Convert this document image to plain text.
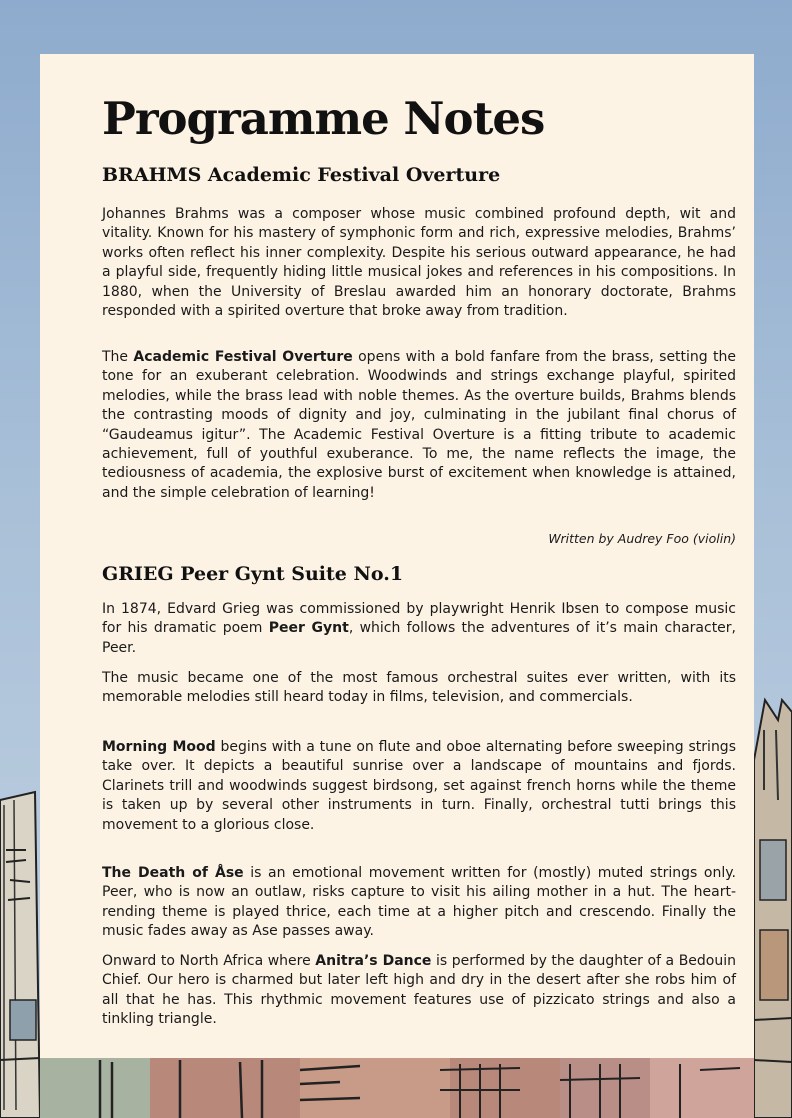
Programme Notes
BRAHMS Academic Festival Overture

Johannes Brahms was a composer whose music combined profound depth, wit and vitality. Known for his mastery of symphonic form and rich, expressive melodies, Brahms’ works often reflect his inner complexity. Despite his serious outward appearance, he had a playful side, frequently hiding little musical jokes and references in his compositions. In 1880, when the University of Breslau awarded him an honorary doctorate, Brahms responded with a spirited overture that broke away from tradition.

The Academic Festival Overture opens with a bold fanfare from the brass, setting the tone for an exuberant celebration. Woodwinds and strings exchange playful, spirited melodies, while the brass lead with noble themes. As the overture builds, Brahms blends the contrasting moods of dignity and joy, culminating in the jubilant final chorus of “Gaudeamus igitur”. The Academic Festival Overture is a fitting tribute to academic achievement, full of youthful exuberance. To me, the name reflects the image, the tediousness of academia, the explosive burst of excitement when knowledge is attained, and the simple celebration of learning!

Written by Audrey Foo (violin)

GRIEG Peer Gynt Suite No.1

In 1874, Edvard Grieg was commissioned by playwright Henrik Ibsen to compose music for his dramatic poem Peer Gynt, which follows the adventures of it’s main character, Peer.

The music became one of the most famous orchestral suites ever written, with its memorable melodies still heard today in films, television, and commercials.

Morning Mood begins with a tune on flute and oboe alternating before sweeping strings take over. It depicts a beautiful sunrise over a landscape of mountains and fjords. Clarinets trill and woodwinds suggest birdsong, set against french horns while the theme is taken up by several other instruments in turn. Finally, orchestral tutti brings this movement to a glorious close.

The Death of Åse is an emotional movement written for (mostly) muted strings only. Peer, who is now an outlaw, risks capture to visit his ailing mother in a hut. The heart-rending theme is played thrice, each time at a higher pitch and crescendo. Finally the music fades away as Ase passes away.

Onward to North Africa where Anitra’s Dance is performed by the daughter of a Bedouin Chief. Our hero is charmed but later left high and dry in the desert after she robs him of all that he has. This rhythmic movement features use of pizzicato strings and also a tinkling triangle.
